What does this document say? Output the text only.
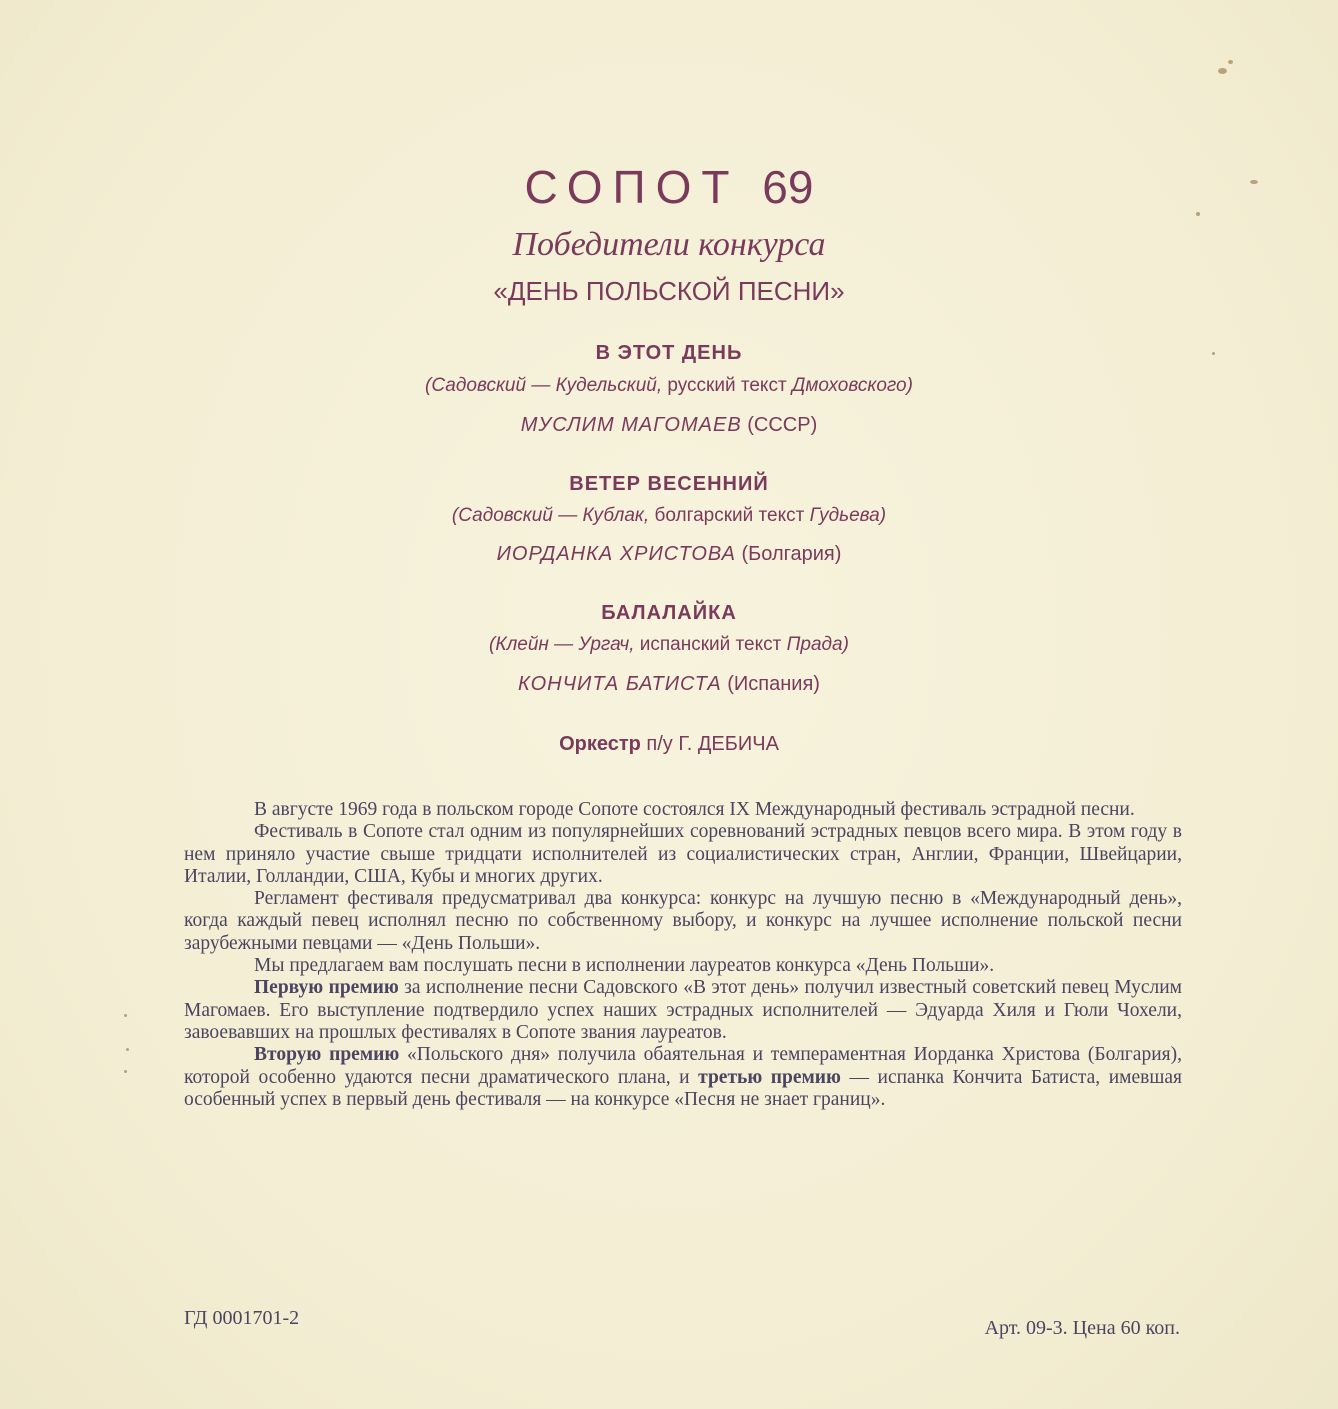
СОПОТ 69
Победители конкурса
«ДЕНЬ ПОЛЬСКОЙ ПЕСНИ»
В ЭТОТ ДЕНЬ
(Садовский — Кудельский, русский текст Дмоховского)
МУСЛИМ МАГОМАЕВ (СССР)
ВЕТЕР ВЕСЕННИЙ
(Садовский — Кублак, болгарский текст Гудьева)
ИОРДАНКА ХРИСТОВА (Болгария)
БАЛАЛАЙКА
(Клейн — Ургач, испанский текст Прада)
КОНЧИТА БАТИСТА (Испания)
Оркестр п/у Г. ДЕБИЧА

В августе 1969 года в польском городе Сопоте состоялся IX Международный фестиваль эстрадной песни.

Фестиваль в Сопоте стал одним из популярнейших соревнований эстрадных певцов всего мира. В этом году в нем приняло участие свыше тридцати исполнителей из социалистических стран, Англии, Франции, Швейцарии, Италии, Голландии, США, Кубы и многих других.

Регламент фестиваля предусматривал два конкурса: конкурс на лучшую песню в «Международный день», когда каждый певец исполнял песню по собственному выбору, и конкурс на лучшее исполнение польской песни зарубежными певцами — «День Польши».

Мы предлагаем вам послушать песни в исполнении лауреатов конкурса «День Польши».

Первую премию за исполнение песни Садовского «В этот день» получил известный советский певец Муслим Магомаев. Его выступление подтвердило успех наших эстрадных исполнителей — Эдуарда Хиля и Гюли Чохели, завоевавших на прошлых фестивалях в Сопоте звания лауреатов.

Вторую премию «Польского дня» получила обаятельная и темпераментная Иорданка Христова (Болгария), которой особенно удаются песни драматического плана, и третью премию — испанка Кончита Батиста, имевшая особенный успех в первый день фестиваля — на конкурсе «Песня не знает границ».

ГД 0001701-2	Арт. 09-3. Цена 60 коп.
